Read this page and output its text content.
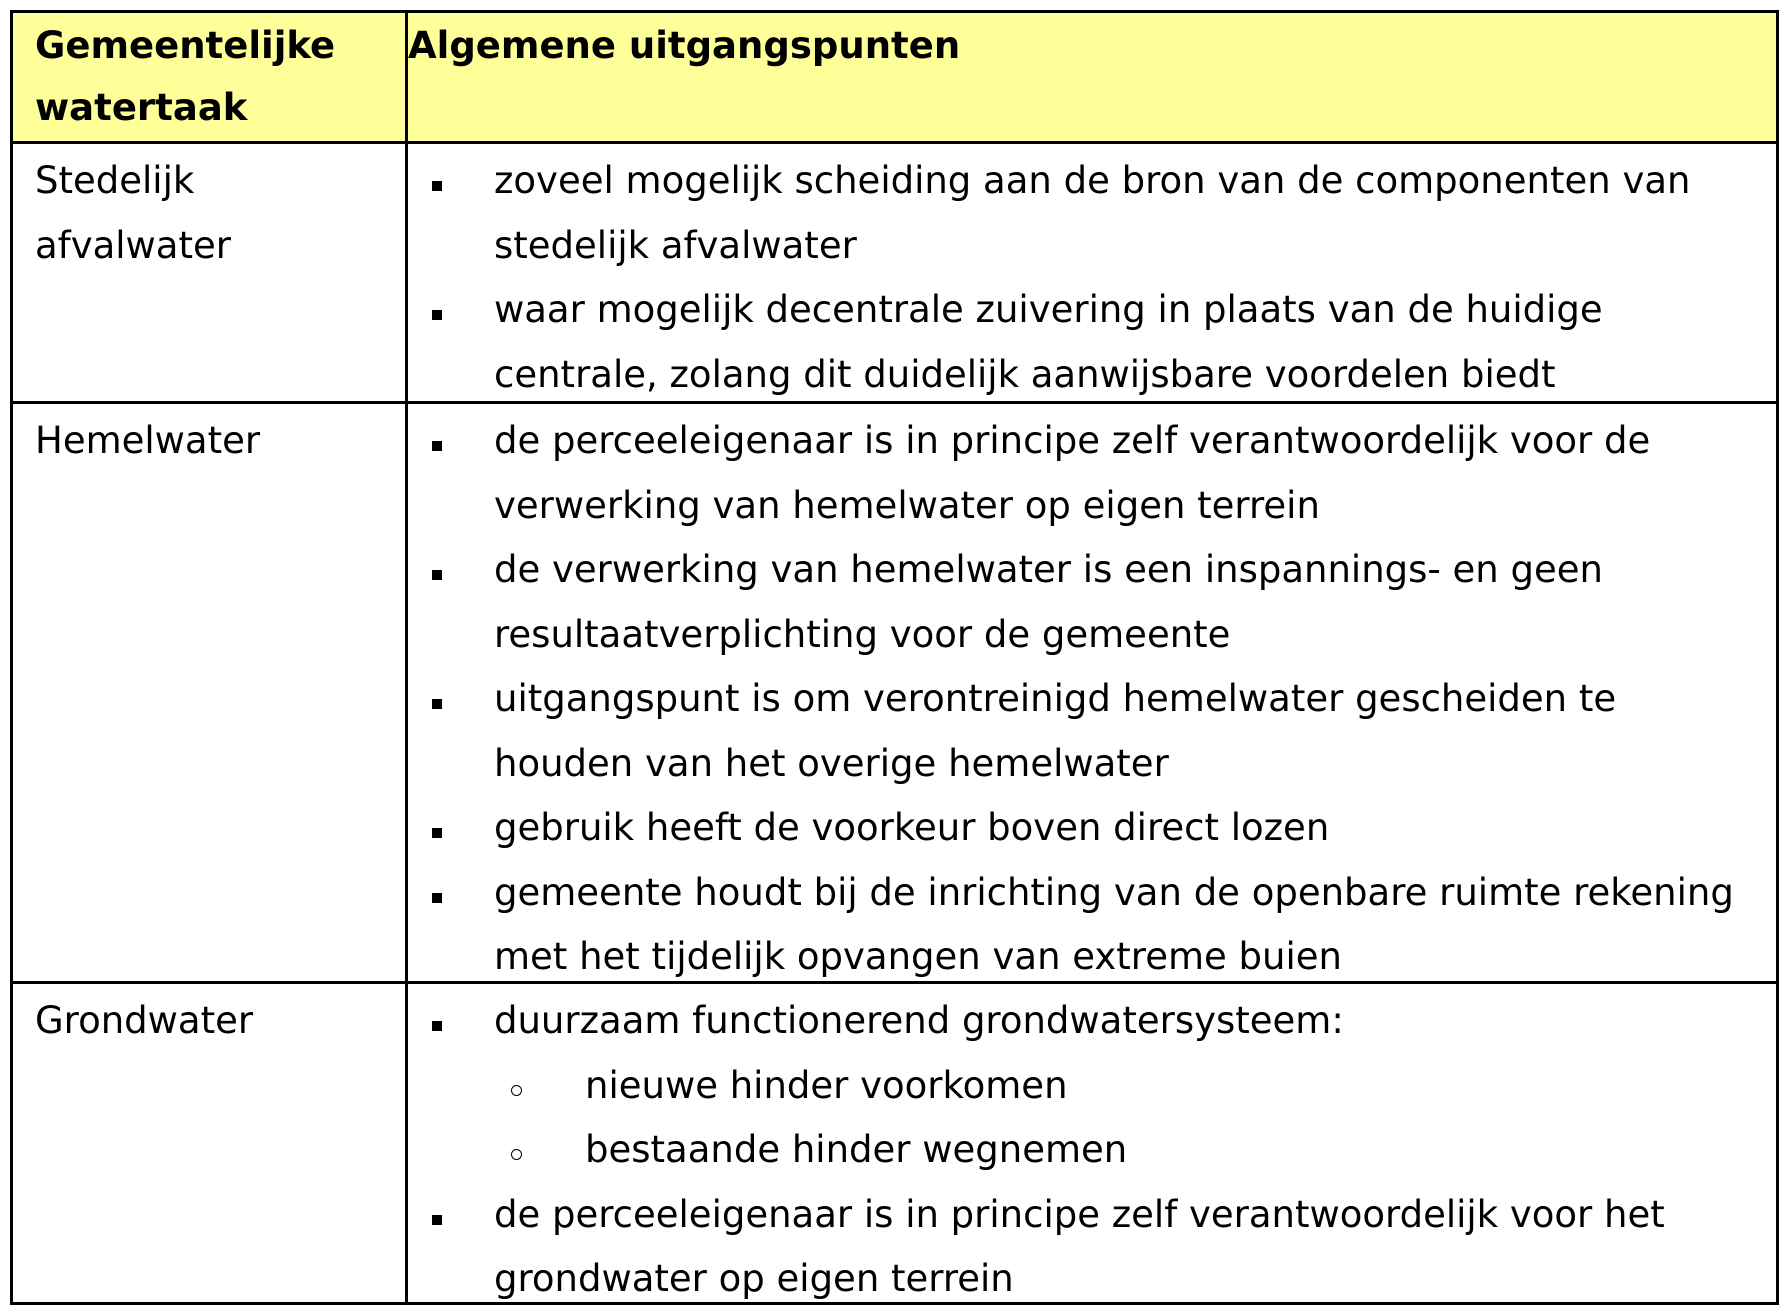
Gemeentelijke
watertaak
Algemene uitgangspunten
Stedelijk
afvalwater
zoveel mogelijk scheiding aan de bron van de componenten van
stedelijk afvalwater
waar mogelijk decentrale zuivering in plaats van de huidige
centrale, zolang dit duidelijk aanwijsbare voordelen biedt
Hemelwater	de perceeleigenaar is in principe zelf verantwoordelijk voor de
verwerking van hemelwater op eigen terrein
de verwerking van hemelwater is een inspannings- en geen
resultaatverplichting voor de gemeente
uitgangspunt is om verontreinigd hemelwater gescheiden te
houden van het overige hemelwater
gebruik heeft de voorkeur boven direct lozen
gemeente houdt bij de inrichting van de openbare ruimte rekening
met het tijdelijk opvangen van extreme buien
Grondwater	duurzaam functionerend grondwatersysteem:
nieuwe hinder voorkomen
bestaande hinder wegnemen
de perceeleigenaar is in principe zelf verantwoordelijk voor het
grondwater op eigen terrein
